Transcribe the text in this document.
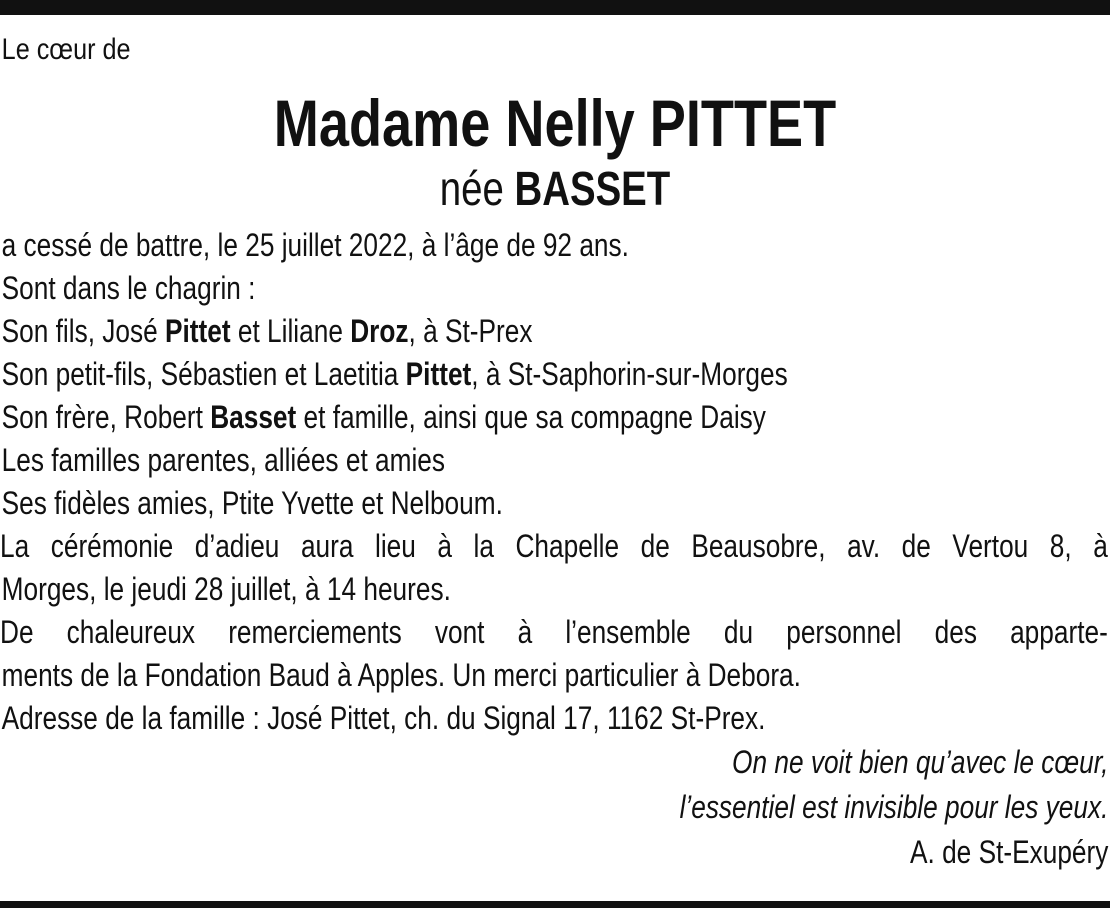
Le cœur de
Madame Nelly PITTET
née BASSET
a cessé de battre, le 25 juillet 2022, à l’âge de 92 ans.
Sont dans le chagrin :
Son fils, José Pittet et Liliane Droz, à St-Prex
Son petit-fils, Sébastien et Laetitia Pittet, à St-Saphorin-sur-Morges
Son frère, Robert Basset et famille, ainsi que sa compagne Daisy
Les familles parentes, alliées et amies
Ses fidèles amies, Ptite Yvette et Nelboum.
La cérémonie d’adieu aura lieu à la Chapelle de Beausobre, av. de Vertou 8, à
Morges, le jeudi 28 juillet, à 14 heures.
De chaleureux remerciements vont à l’ensemble du personnel des apparte-
ments de la Fondation Baud à Apples. Un merci particulier à Debora.
Adresse de la famille : José Pittet, ch. du Signal 17, 1162 St-Prex.
On ne voit bien qu’avec le cœur,
l’essentiel est invisible pour les yeux.
A. de St-Exupéry
